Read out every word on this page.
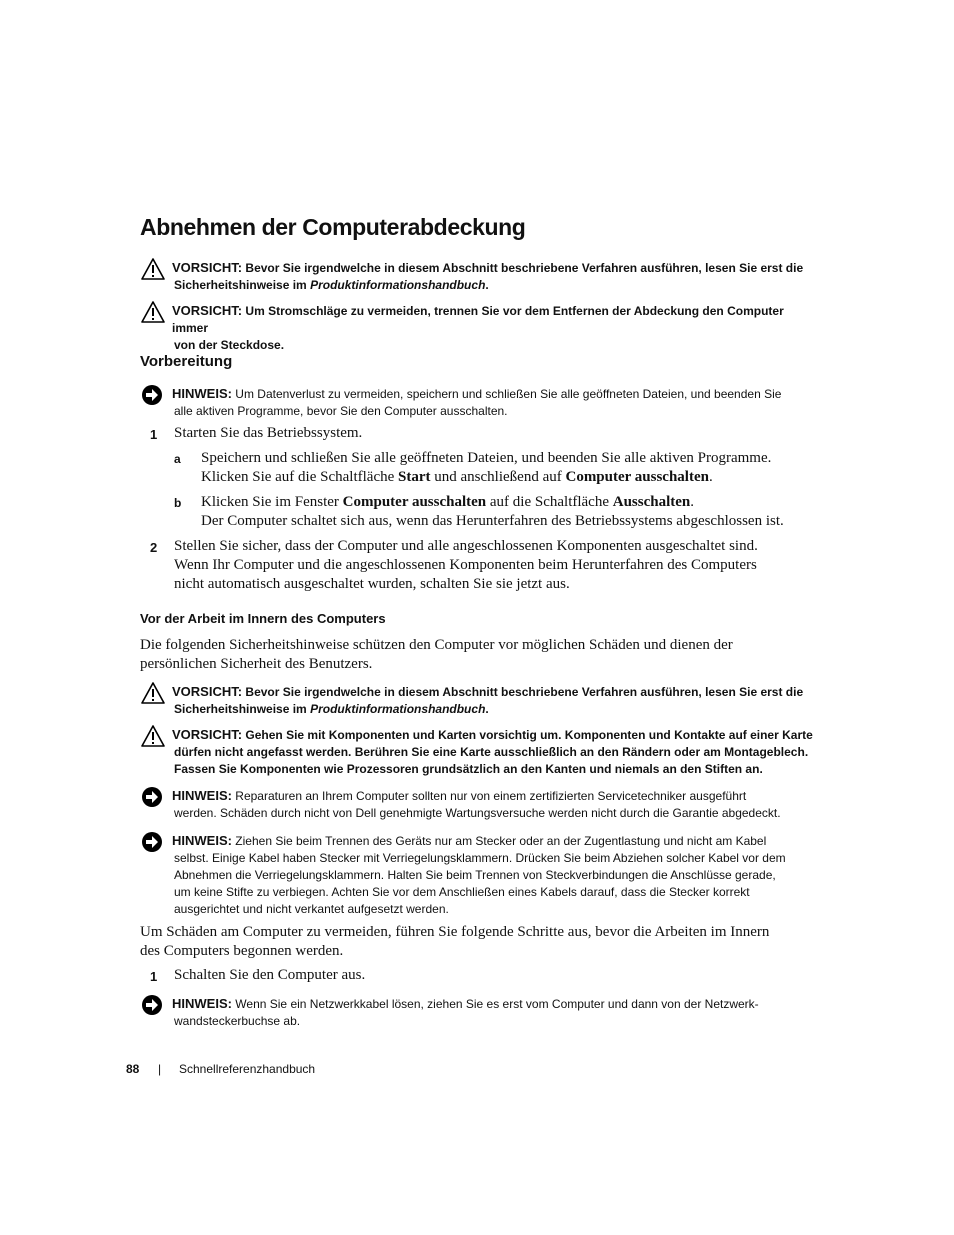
Abnehmen der Computerabdeckung
VORSICHT: Bevor Sie irgendwelche in diesem Abschnitt beschriebene Verfahren ausführen, lesen Sie erst die
Sicherheitshinweise im Produktinformationshandbuch.
VORSICHT: Um Stromschläge zu vermeiden, trennen Sie vor dem Entfernen der Abdeckung den Computer immer
von der Steckdose.
Vorbereitung
HINWEIS: Um Datenverlust zu vermeiden, speichern und schließen Sie alle geöffneten Dateien, und beenden Sie
alle aktiven Programme, bevor Sie den Computer ausschalten.
1 Starten Sie das Betriebssystem.
a Speichern und schließen Sie alle geöffneten Dateien, und beenden Sie alle aktiven Programme.
Klicken Sie auf die Schaltfläche Start und anschließend auf Computer ausschalten.
b Klicken Sie im Fenster Computer ausschalten auf die Schaltfläche Ausschalten.
Der Computer schaltet sich aus, wenn das Herunterfahren des Betriebssystems abgeschlossen ist.
2 Stellen Sie sicher, dass der Computer und alle angeschlossenen Komponenten ausgeschaltet sind.
Wenn Ihr Computer und die angeschlossenen Komponenten beim Herunterfahren des Computers
nicht automatisch ausgeschaltet wurden, schalten Sie sie jetzt aus.
Vor der Arbeit im Innern des Computers
Die folgenden Sicherheitshinweise schützen den Computer vor möglichen Schäden und dienen der
persönlichen Sicherheit des Benutzers.
VORSICHT: Bevor Sie irgendwelche in diesem Abschnitt beschriebene Verfahren ausführen, lesen Sie erst die
Sicherheitshinweise im Produktinformationshandbuch.
VORSICHT: Gehen Sie mit Komponenten und Karten vorsichtig um. Komponenten und Kontakte auf einer Karte
dürfen nicht angefasst werden. Berühren Sie eine Karte ausschließlich an den Rändern oder am Montageblech.
Fassen Sie Komponenten wie Prozessoren grundsätzlich an den Kanten und niemals an den Stiften an.
HINWEIS: Reparaturen an Ihrem Computer sollten nur von einem zertifizierten Servicetechniker ausgeführt
werden. Schäden durch nicht von Dell genehmigte Wartungsversuche werden nicht durch die Garantie abgedeckt.
HINWEIS: Ziehen Sie beim Trennen des Geräts nur am Stecker oder an der Zugentlastung und nicht am Kabel
selbst. Einige Kabel haben Stecker mit Verriegelungsklammern. Drücken Sie beim Abziehen solcher Kabel vor dem
Abnehmen die Verriegelungsklammern. Halten Sie beim Trennen von Steckverbindungen die Anschlüsse gerade,
um keine Stifte zu verbiegen. Achten Sie vor dem Anschließen eines Kabels darauf, dass die Stecker korrekt
ausgerichtet und nicht verkantet aufgesetzt werden.
Um Schäden am Computer zu vermeiden, führen Sie folgende Schritte aus, bevor die Arbeiten im Innern
des Computers begonnen werden.
1 Schalten Sie den Computer aus.
HINWEIS: Wenn Sie ein Netzwerkkabel lösen, ziehen Sie es erst vom Computer und dann von der Netzwerk-
wandsteckerbuchse ab.
88 | Schnellreferenzhandbuch
